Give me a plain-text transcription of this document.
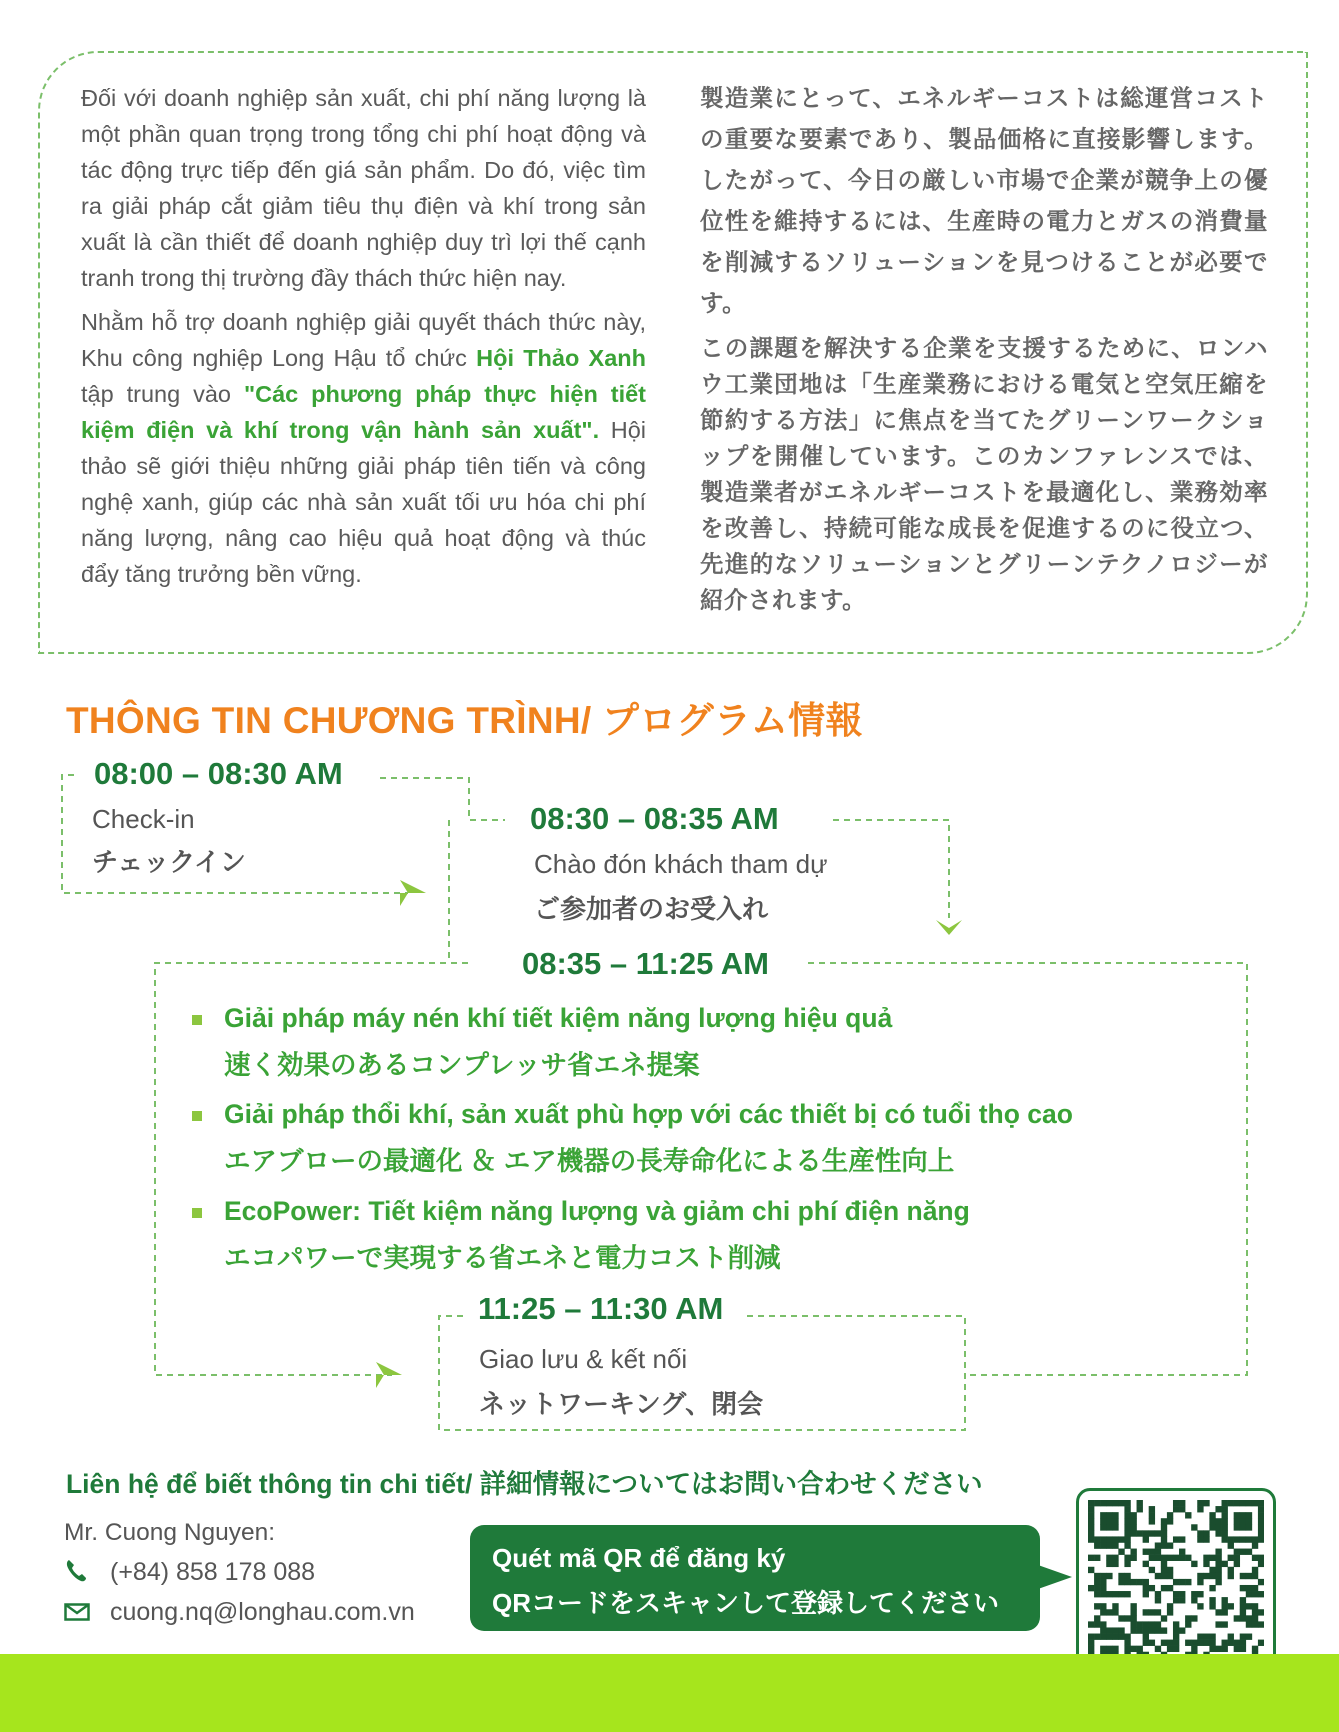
Đối với doanh nghiệp sản xuất, chi phí năng lượng là một phần quan trọng trong tổng chi phí hoạt động và tác động trực tiếp đến giá sản phẩm. Do đó, việc tìm ra giải pháp cắt giảm tiêu thụ điện và khí trong sản xuất là cần thiết để doanh nghiệp duy trì lợi thế cạnh tranh trong thị trường đầy thách thức hiện nay.

Nhằm hỗ trợ doanh nghiệp giải quyết thách thức này, Khu công nghiệp Long Hậu tổ chức Hội Thảo Xanh tập trung vào "Các phương pháp thực hiện tiết kiệm điện và khí trong vận hành sản xuất". Hội thảo sẽ giới thiệu những giải pháp tiên tiến và công nghệ xanh, giúp các nhà sản xuất tối ưu hóa chi phí năng lượng, nâng cao hiệu quả hoạt động và thúc đẩy tăng trưởng bền vững.

製造業にとって、エネルギーコストは総運営コストの重要な要素であり、製品価格に直接影響します。したがって、今日の厳しい市場で企業が競争上の優位性を維持するには、生産時の電力とガスの消費量を削減するソリューションを見つけることが必要です。

この課題を解決する企業を支援するために、ロンハウ工業団地は「生産業務における電気と空気圧縮を節約する方法」に焦点を当てたグリーンワークショップを開催しています。このカンファレンスでは、製造業者がエネルギーコストを最適化し、業務効率を改善し、持続可能な成長を促進するのに役立つ、先進的なソリューションとグリーンテクノロジーが紹介されます。

THÔNG TIN CHƯƠNG TRÌNH/ プログラム情報
08:00 – 08:30 AM
Check-in
チェックイン
08:30 – 08:35 AM
Chào đón khách tham dự
ご参加者のお受入れ
08:35 – 11:25 AM
Giải pháp máy nén khí tiết kiệm năng lượng hiệu quả
速く効果のあるコンプレッサ省エネ提案
Giải pháp thổi khí, sản xuất phù hợp với các thiết bị có tuổi thọ cao
エアブローの最適化 ＆ エア機器の長寿命化による生産性向上
EcoPower: Tiết kiệm năng lượng và giảm chi phí điện năng
エコパワーで実現する省エネと電力コスト削減
11:25 – 11:30 AM
Giao lưu & kết nối
ネットワーキング、閉会
Liên hệ để biết thông tin chi tiết/ 詳細情報についてはお問い合わせください
Mr. Cuong Nguyen:
(+84) 858 178 088
cuong.nq@longhau.com.vn
Quét mã QR để đăng ký
QRコードをスキャンして登録してください
